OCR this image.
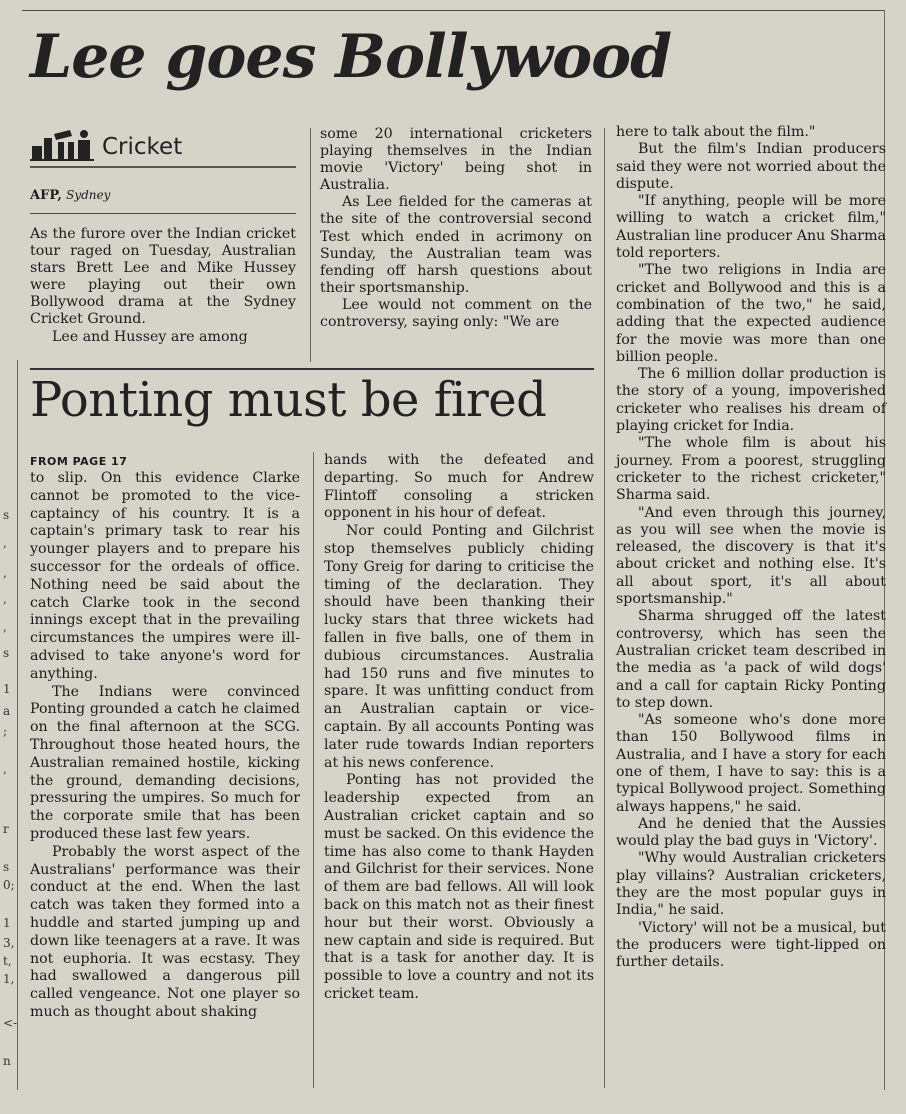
Lee goes Bollywood
Cricket
AFP, Sydney

As the furore over the Indian cricket tour raged on Tuesday, Australian stars Brett Lee and Mike Hussey were playing out their own Bollywood drama at the Sydney Cricket Ground.

Lee and Hussey are among

some 20 international cricketers playing themselves in the Indian movie 'Victory' being shot in Australia.

As Lee fielded for the cameras at the site of the controversial second Test which ended in acrimony on Sunday, the Australian team was fending off harsh questions about their sportsmanship.

Lee would not comment on the controversy, saying only: "We are

here to talk about the film."

But the film's Indian producers said they were not worried about the dispute.

"If anything, people will be more willing to watch a cricket film," Australian line producer Anu Sharma told reporters.

"The two religions in India are cricket and Bollywood and this is a combination of the two," he said, adding that the expected audience for the movie was more than one billion people.

The 6 million dollar production is the story of a young, impoverished cricketer who realises his dream of playing cricket for India.

"The whole film is about his journey. From a poorest, struggling cricketer to the richest cricketer," Sharma said.

"And even through this journey, as you will see when the movie is released, the discovery is that it's about cricket and nothing else. It's all about sport, it's all about sportsmanship."

Sharma shrugged off the latest controversy, which has seen the Australian cricket team described in the media as 'a pack of wild dogs' and a call for captain Ricky Ponting to step down.

"As someone who's done more than 150 Bollywood films in Australia, and I have a story for each one of them, I have to say: this is a typical Bollywood project. Something always happens," he said.

And he denied that the Aussies would play the bad guys in 'Victory'.

"Why would Australian cricketers play villains? Australian cricketers, they are the most popular guys in India," he said.

'Victory' will not be a musical, but the producers were tight-lipped on further details.

Ponting must be fired
FROM PAGE 17
s
,
,
,
,
s
1
a
;
,
r
s
0;
1
3,
t,
1,
<-
n

to slip. On this evidence Clarke cannot be promoted to the vice-captaincy of his country. It is a captain's primary task to rear his younger players and to prepare his successor for the ordeals of office. Nothing need be said about the catch Clarke took in the second innings except that in the prevailing circumstances the umpires were ill-advised to take anyone's word for anything.

The Indians were convinced Ponting grounded a catch he claimed on the final afternoon at the SCG. Throughout those heated hours, the Australian remained hostile, kicking the ground, demanding decisions, pressuring the umpires. So much for the corporate smile that has been produced these last few years.

Probably the worst aspect of the Australians' performance was their conduct at the end. When the last catch was taken they formed into a huddle and started jumping up and down like teenagers at a rave. It was not euphoria. It was ecstasy. They had swallowed a dangerous pill called vengeance. Not one player so much as thought about shaking

hands with the defeated and departing. So much for Andrew Flintoff consoling a stricken opponent in his hour of defeat.

Nor could Ponting and Gilchrist stop themselves publicly chiding Tony Greig for daring to criticise the timing of the declaration. They should have been thanking their lucky stars that three wickets had fallen in five balls, one of them in dubious circumstances. Australia had 150 runs and five minutes to spare. It was unfitting conduct from an Australian captain or vice-captain. By all accounts Ponting was later rude towards Indian reporters at his news conference.

Ponting has not provided the leadership expected from an Australian cricket captain and so must be sacked. On this evidence the time has also come to thank Hayden and Gilchrist for their services. None of them are bad fellows. All will look back on this match not as their finest hour but their worst. Obviously a new captain and side is required. But that is a task for another day. It is possible to love a country and not its cricket team.
